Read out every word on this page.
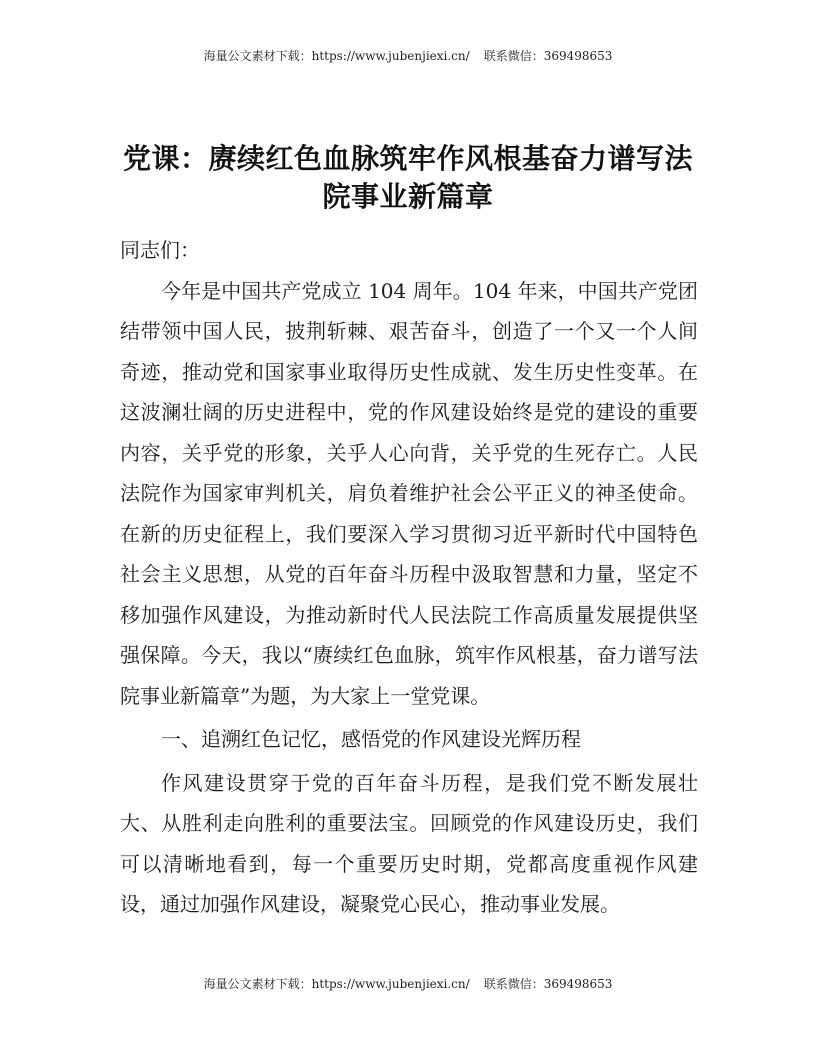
海量公文素材下载：https://www.jubenjiexi.cn/ 联系微信：369498653
党课：赓续红色血脉筑牢作风根基奋力谱写法
院事业新篇章

同志们：

今年是中国共产党成立 104 周年。104 年来，中国共产党团结带领中国人民，披荆斩棘、艰苦奋斗，创造了一个又一个人间奇迹，推动党和国家事业取得历史性成就、发生历史性变革。在这波澜壮阔的历史进程中，党的作风建设始终是党的建设的重要内容，关乎党的形象，关乎人心向背，关乎党的生死存亡。人民法院作为国家审判机关，肩负着维护社会公平正义的神圣使命。在新的历史征程上，我们要深入学习贯彻习近平新时代中国特色社会主义思想，从党的百年奋斗历程中汲取智慧和力量，坚定不移加强作风建设，为推动新时代人民法院工作高质量发展提供坚强保障。今天，我以“赓续红色血脉，筑牢作风根基，奋力谱写法院事业新篇章”为题，为大家上一堂党课。

一、追溯红色记忆，感悟党的作风建设光辉历程

作风建设贯穿于党的百年奋斗历程，是我们党不断发展壮大、从胜利走向胜利的重要法宝。回顾党的作风建设历史，我们可以清晰地看到，每一个重要历史时期，党都高度重视作风建设，通过加强作风建设，凝聚党心民心，推动事业发展。

海量公文素材下载：https://www.jubenjiexi.cn/ 联系微信：369498653
